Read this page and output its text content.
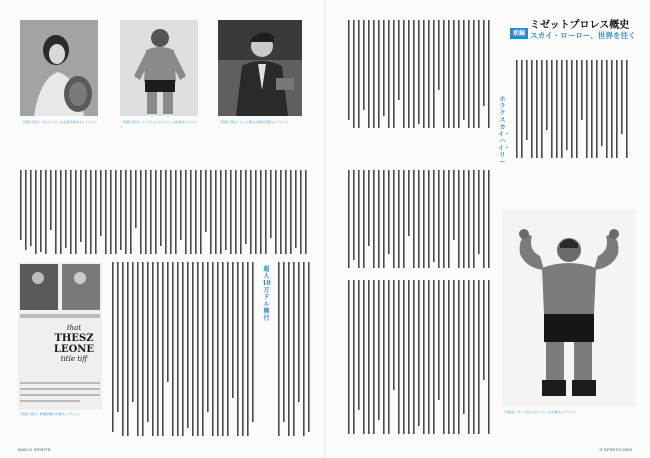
（写真上段左）小人レスラーの女性写真のキャプション	（写真上段中）リングに立つレスラーの写真キャプション
（写真上段右）スーツ姿の人物の写真キャプション
that
THESZ
LEONE
title tiff
（写真下段左）新聞記事の写真キャプション
超人10万ドル興行
0000 G SPIRITS
前編
ミゼットプロレス概史
スカイ・ローロー、世界を往く
ホラクスカイ・ハイ・リー
（写真右）ポーズをとるレスラーの写真キャプション
G SPIRITS 0000
